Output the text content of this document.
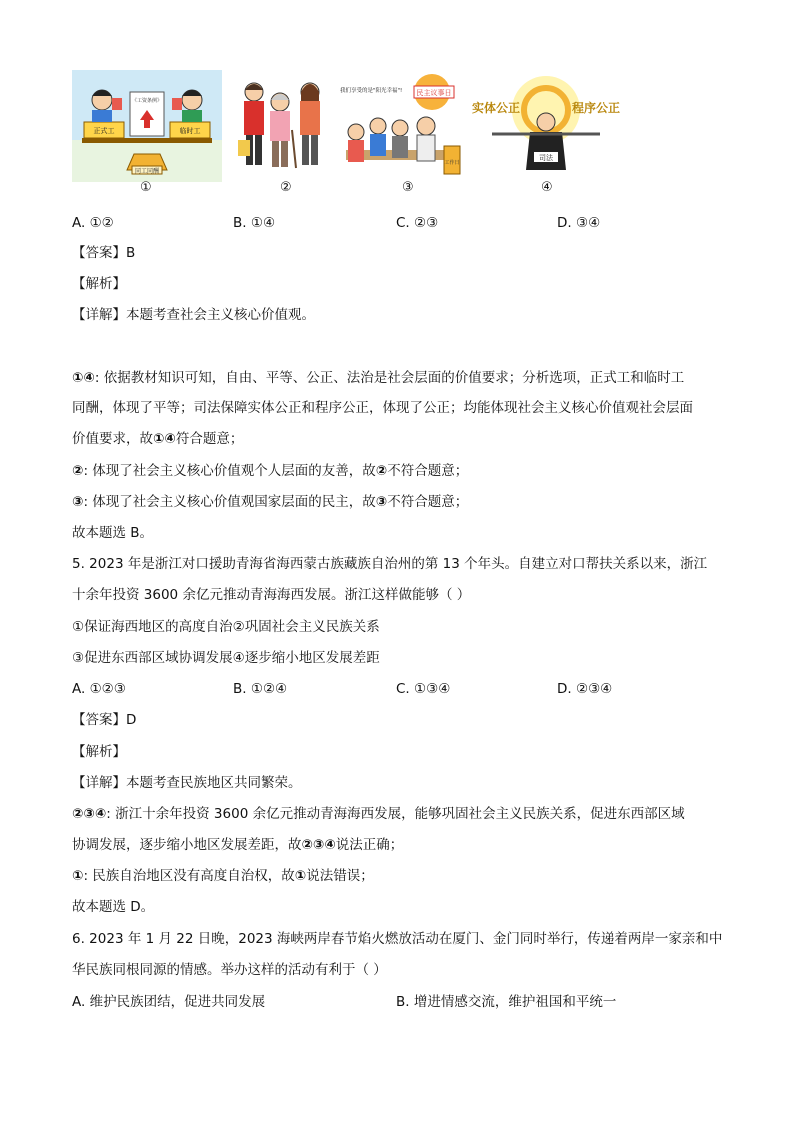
同工同酬
正式工	临时工
《工资条例》
①	②
民主议事日
我们享受的是"阳光幸福"!
工作日
③
实体公正	程序公正
司法
④
A. ①②	B. ①④	C. ②③	D. ③④
【答案】B
【解析】
【详解】本题考查社会主义核心价值观。
①④: 依据教材知识可知，自由、平等、公正、法治是社会层面的价值要求；分析选项，正式工和临时工
同酬，体现了平等；司法保障实体公正和程序公正，体现了公正；均能体现社会主义核心价值观社会层面
价值要求，故①④符合题意；
②: 体现了社会主义核心价值观个人层面的友善，故②不符合题意；
③: 体现了社会主义核心价值观国家层面的民主，故③不符合题意；
故本题选 B。
5. 2023 年是浙江对口援助青海省海西蒙古族藏族自治州的第 13 个年头。自建立对口帮扶关系以来，浙江
十余年投资 3600 余亿元推动青海海西发展。浙江这样做能够（ ）
①保证海西地区的高度自治②巩固社会主义民族关系
③促进东西部区域协调发展④逐步缩小地区发展差距
A. ①②③	B. ①②④	C. ①③④	D. ②③④
【答案】D
【解析】
【详解】本题考查民族地区共同繁荣。
②③④: 浙江十余年投资 3600 余亿元推动青海海西发展，能够巩固社会主义民族关系，促进东西部区域
协调发展，逐步缩小地区发展差距，故②③④说法正确；
①: 民族自治地区没有高度自治权，故①说法错误；
故本题选 D。
6. 2023 年 1 月 22 日晚，2023 海峡两岸春节焰火燃放活动在厦门、金门同时举行，传递着两岸一家亲和中
华民族同根同源的情感。举办这样的活动有利于（ ）
A. 维护民族团结，促进共同发展	B. 增进情感交流，维护祖国和平统一
